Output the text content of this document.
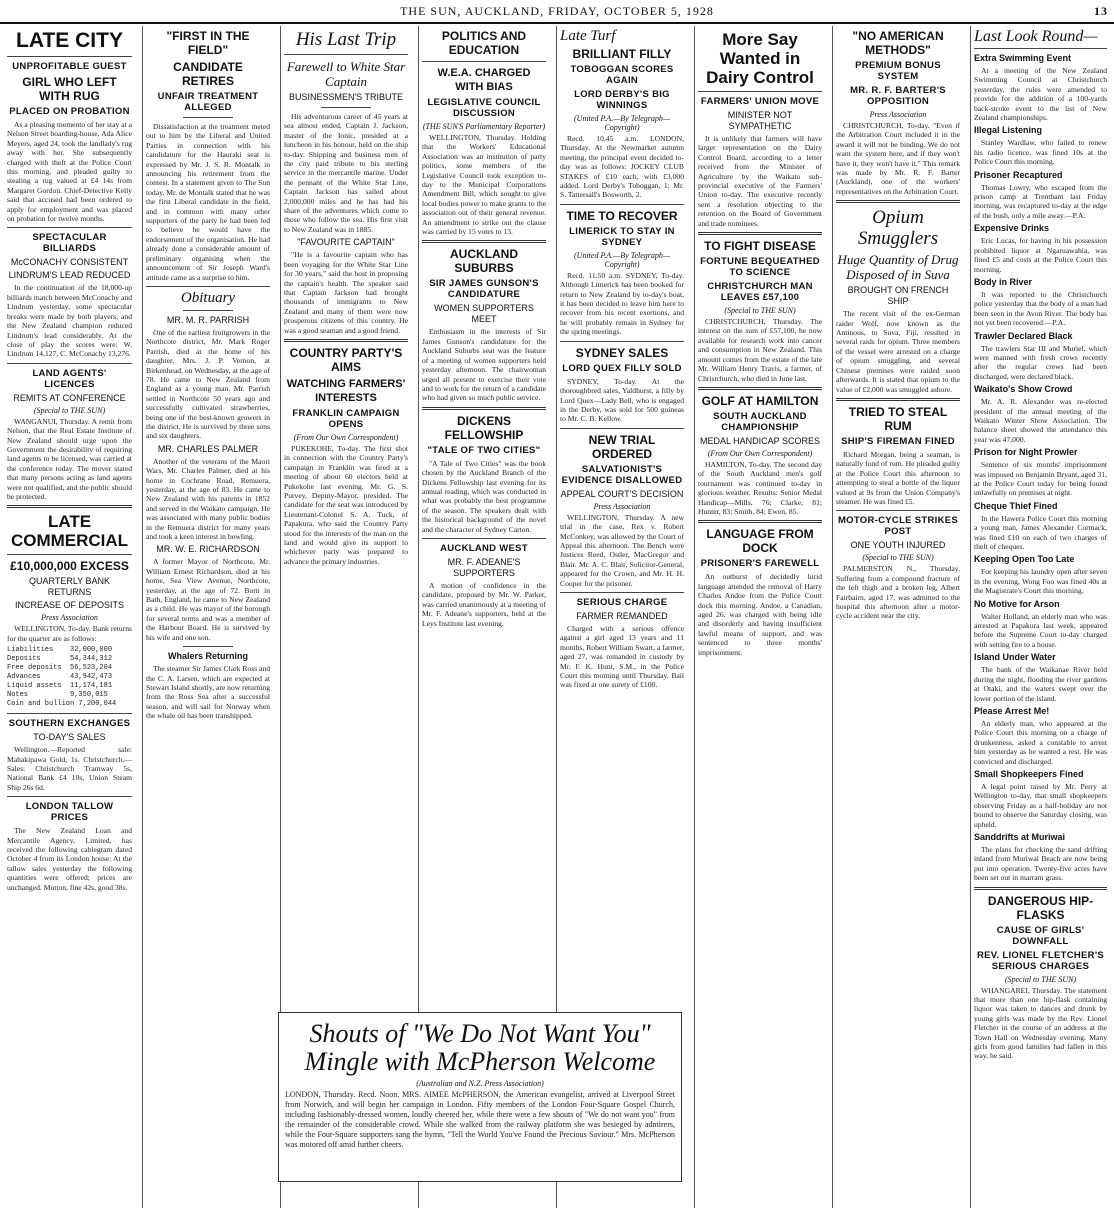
THE SUN, AUCKLAND, FRIDAY, OCTOBER 5, 1928	13
LATE CITY
UNPROFITABLE GUEST
GIRL WHO LEFT WITH RUG
PLACED ON PROBATION

As a pleasing memento of her stay at a Nelson Street boarding-house, Ada Alice Meyers, aged 24, took the landlady's rug away with her. She subsequently charged with theft at the Police Court this morning, and pleaded guilty to stealing a rug valued at £4 14s from Margaret Gordon. Chief-Detective Kelly said that accused had been ordered to apply for employment and was placed on probation for twelve months.

SPECTACULAR BILLIARDS
McCONACHY CONSISTENT
LINDRUM'S LEAD REDUCED

In the continuation of the 18,000-up billiards match between McConachy and Lindrum yesterday, some spectacular breaks were made by both players, and the New Zealand champion reduced Lindrum's lead considerably. At the close of play the scores were: W. Lindrum 14,127, C. McConachy 13,276.

LAND AGENTS' LICENCES
REMITS AT CONFERENCE
(Special to THE SUN)

WANGANUI, Thursday. A remit from Nelson, that the Real Estate Institute of New Zealand should urge upon the Government the desirability of requiring land agents to be licensed, was carried at the conference today. The mover stated that many persons acting as land agents were not qualified, and the public should be protected.

LATE COMMERCIAL
£10,000,000 EXCESS
QUARTERLY BANK RETURNS
INCREASE OF DEPOSITS
Press Association

WELLINGTON, To-day. Bank returns for the quarter are as follows:

Liabilities    32,000,000
Deposits       54,344,312
Free deposits  56,523,204
Advances       43,942,473
Liquid assets  11,174,181
Notes          9,350,015
Coin and bullion 7,200,044
SOUTHERN EXCHANGES
TO-DAY'S SALES

Wellington.—Reported sale: Mahakipawa Gold, 1s. Christchurch.—Sales: Christchurch Tramway 5s, National Bank £4 10s, Union Steam Ship 26s 6d.

LONDON TALLOW PRICES

The New Zealand Loan and Mercantile Agency, Limited, has received the following cablegram dated October 4 from its London house: At the tallow sales yesterday the following quantities were offered; prices are unchanged. Mutton, fine 42s, good 38s.

"FIRST IN THE FIELD"
CANDIDATE RETIRES
UNFAIR TREATMENT ALLEGED

Dissatisfaction at the treatment meted out to him by the Liberal and United Parties in connection with his candidature for the Hauraki seat is expressed by Mr. J. S. R. Montalk in announcing his retirement from the contest. In a statement given to The Sun today, Mr. de Montalk stated that he was the first Liberal candidate in the field, and in common with many other supporters of the party he had been led to believe he would have the endorsement of the organisation. He had already done a considerable amount of preliminary organising when the announcement of Sir Joseph Ward's attitude came as a surprise to him.

Obituary
MR. M. R. PARRISH

One of the earliest fruitgrowers in the Northcote district, Mr. Mark Roger Parrish, died at the home of his daughter, Mrs. J. P. Vernon, at Birkenhead, on Wednesday, at the age of 78. He came to New Zealand from England as a young man. Mr. Parrish settled in Northcote 50 years ago and successfully cultivated strawberries, being one of the best-known growers in the district. He is survived by three sons and six daughters.

MR. CHARLES PALMER

Another of the veterans of the Maori Wars, Mr. Charles Palmer, died at his home in Cochrane Road, Remuera, yesterday, at the age of 83. He came to New Zealand with his parents in 1852 and served in the Waikato campaign. He was associated with many public bodies in the Remuera district for many years and took a keen interest in bowling.

MR. W. E. RICHARDSON

A former Mayor of Northcote, Mr. William Ernest Richardson, died at his home, Sea View Avenue, Northcote, yesterday, at the age of 72. Born in Bath, England, he came to New Zealand as a child. He was mayor of the borough for several terms and was a member of the Harbour Board. He is survived by his wife and one son.

Whalers Returning

The steamer Sir James Clark Ross and the C. A. Larsen, which are expected at Stewart Island shortly, are now returning from the Ross Sea after a successful season, and will sail for Norway when the whale oil has been transhipped.

His Last Trip
Farewell to White Star Captain
BUSINESSMEN'S TRIBUTE

His adventurous career of 45 years at sea almost ended, Captain J. Jackson, master of the Ionic, presided at a luncheon in his honour, held on the ship to-day. Shipping and business men of the city paid tribute to his sterling service in the mercantile marine. Under the pennant of the White Star Line, Captain Jackson has sailed about 2,000,000 miles and he has had his share of the adventures which come to those who follow the sea. His first visit to New Zealand was in 1885.

"FAVOURITE CAPTAIN"

"He is a favourite captain who has been voyaging for the White Star Line for 30 years," said the host in proposing the captain's health. The speaker said that Captain Jackson had brought thousands of immigrants to New Zealand and many of them were now prosperous citizens of this country. He was a good seaman and a good friend.

COUNTRY PARTY'S AIMS
WATCHING FARMERS' INTERESTS
FRANKLIN CAMPAIGN OPENS
(From Our Own Correspondent)

PUKEKOHE, To-day. The first shot in connection with the Country Party's campaign in Franklin was fired at a meeting of about 60 electors held at Pukekohe last evening. Mr. G. S. Purvey, Deputy-Mayor, presided. The candidate for the seat was introduced by Lieutenant-Colonel S. A. Tuck, of Papakura, who said the Country Party stood for the interests of the man on the land and would give its support to whichever party was prepared to advance the primary industries.

POLITICS AND EDUCATION
W.E.A. CHARGED WITH BIAS
LEGISLATIVE COUNCIL DISCUSSION
(THE SUN'S Parliamentary Reporter)

WELLINGTON, Thursday. Holding that the Workers' Educational Association was an institution of party politics, some members of the Legislative Council took exception to-day to the Municipal Corporations Amendment Bill, which sought to give local bodies power to make grants to the association out of their general revenue. An amendment to strike out the clause was carried by 15 votes to 13.

AUCKLAND SUBURBS
SIR JAMES GUNSON'S CANDIDATURE
WOMEN SUPPORTERS MEET

Enthusiasm in the interests of Sir James Gunson's candidature for the Auckland Suburbs seat was the feature of a meeting of women supporters held yesterday afternoon. The chairwoman urged all present to exercise their vote and to work for the return of a candidate who had given so much public service.

DICKENS FELLOWSHIP
"TALE OF TWO CITIES"

"A Tale of Two Cities" was the book chosen by the Auckland Branch of the Dickens Fellowship last evening for its annual reading, which was conducted in what was probably the best programme of the season. The speakers dealt with the historical background of the novel and the character of Sydney Carton.

AUCKLAND WEST
MR. F. ADEANE'S SUPPORTERS

A motion of confidence in the candidate, proposed by Mr. W. Parker, was carried unanimously at a meeting of Mr. F. Adeane's supporters, held at the Leys Institute last evening.

Late Turf
BRILLIANT FILLY
TOBOGGAN SCORES AGAIN
LORD DERBY'S BIG WINNINGS
(United P.A.—By Telegraph—Copyright)

Recd. 10.45 a.m. LONDON, Thursday. At the Newmarket autumn meeting, the principal event decided to-day was as follows: JOCKEY CLUB STAKES of £10 each, with £3,000 added. Lord Derby's Toboggan, 1; Mr. S. Tattersall's Bosworth, 2.

TIME TO RECOVER
LIMERICK TO STAY IN SYDNEY
(United P.A.—By Telegraph—Copyright)

Recd. 11.50 a.m. SYDNEY, To-day. Although Limerick has been booked for return to New Zealand by to-day's boat, it has been decided to leave him here to recover from his recent exertions, and he will probably remain in Sydney for the spring meetings.

SYDNEY SALES
LORD QUEX FILLY SOLD

SYDNEY, To-day. At the thoroughbred sales, Yaldhurst, a filly by Lord Quex—Lady Bell, who is engaged in the Derby, was sold for 500 guineas to Mr. C. B. Kellow.

NEW TRIAL ORDERED
SALVATIONIST'S EVIDENCE DISALLOWED
APPEAL COURT'S DECISION
Press Association

WELLINGTON, Thursday. A new trial in the case, Rex v. Robert McConkey, was allowed by the Court of Appeal this afternoon. The Bench were Justices Reed, Ostler, MacGregor and Blair. Mr. A. C. Blair, Solicitor-General, appeared for the Crown, and Mr. H. H. Cooper for the prisoner.

SERIOUS CHARGE
FARMER REMANDED

Charged with a serious offence against a girl aged 13 years and 11 months, Robert William Swart, a farmer, aged 27, was remanded in custody by Mr. F. K. Hunt, S.M., in the Police Court this morning until Thursday. Bail was fixed at one surety of £100.

More Say Wanted in Dairy Control
FARMERS' UNION MOVE
MINISTER NOT SYMPATHETIC

It is unlikely that farmers will have larger representation on the Dairy Control Board, according to a letter received from the Minister of Agriculture by the Waikato sub-provincial executive of the Farmers' Union to-day. The executive recently sent a resolution objecting to the retention on the Board of Government and trade nominees.

TO FIGHT DISEASE
FORTUNE BEQUEATHED TO SCIENCE
CHRISTCHURCH MAN LEAVES £57,100
(Special to THE SUN)

CHRISTCHURCH, Thursday. The interest on the sum of £57,100, he now available for research work into cancer and consumption in New Zealand. This amount comes from the estate of the late Mr. William Henry Travis, a farmer, of Christchurch, who died in June last.

GOLF AT HAMILTON
SOUTH AUCKLAND CHAMPIONSHIP
MEDAL HANDICAP SCORES
(From Our Own Correspondent)

HAMILTON, To-day. The second day of the South Auckland men's golf tournament was continued to-day in glorious weather. Results: Senior Medal Handicap—Mills, 76; Clarke, 81; Hunter, 83; Smith, 84; Ewen, 85.

LANGUAGE FROM DOCK
PRISONER'S FAREWELL

An outburst of decidedly lurid language attended the removal of Harry Charles Andoe from the Police Court dock this morning. Andoe, a Canadian, aged 26, was charged with being idle and disorderly and having insufficient lawful means of support, and was sentenced to three months' imprisonment.

"NO AMERICAN METHODS"
PREMIUM BONUS SYSTEM
MR. R. F. BARTER'S OPPOSITION
Press Association

CHRISTCHURCH, To-day. "Even if the Arbitration Court included it in the award it will not be binding. We do not want the system here, and if they won't have it, they won't have it." This remark was made by Mr. R. F. Barter (Auckland), one of the workers' representatives on the Arbitration Court.

Opium Smugglers
Huge Quantity of Drug Disposed of in Suva
BROUGHT ON FRENCH SHIP

The recent visit of the ex-German raider Wolf, now known as the Antinous, to Suva, Fiji, resulted in several raids for opium. Three members of the vessel were arrested on a charge of opium smuggling, and several Chinese premises were raided soon afterwards. It is stated that opium to the value of £2,000 was smuggled ashore.

TRIED TO STEAL RUM
SHIP'S FIREMAN FINED

Richard Morgan, being a seaman, is naturally fond of rum. He pleaded guilty at the Police Court this afternoon to attempting to steal a bottle of the liquor valued at 9s from the Union Company's steamer. He was fined £5.

MOTOR-CYCLE STRIKES POST
ONE YOUTH INJURED
(Special to THE SUN)

PALMERSTON N., Thursday. Suffering from a compound fracture of the left thigh and a broken leg, Albert Fairbairn, aged 17, was admitted to the hospital this afternoon after a motor-cycle accident near the city.

Last Look Round—
Extra Swimming Event

At a meeting of the New Zealand Swimming Council at Christchurch yesterday, the rules were amended to provide for the addition of a 100-yards back-stroke event to the list of New Zealand championships.

Illegal Listening

Stanley Wardlaw, who failed to renew his radio licence, was fined 10s at the Police Court this morning.

Prisoner Recaptured

Thomas Lowry, who escaped from the prison camp at Trentham last Friday morning, was recaptured to-day at the edge of the bush, only a mile away.—P.A.

Expensive Drinks

Eric Lucas, for having in his possession prohibited liquor at Ngaruawahia, was fined £5 and costs at the Police Court this morning.

Body in River

It was reported to the Christchurch police yesterday that the body of a man had been seen in the Avon River. The body has not yet been recovered.—P.A.

Trawler Declared Black

The trawlers Star III and Muriel, which were manned with fresh crews recently after the regular crews had been discharged, were declared black.

Waikato's Show Crowd

Mr. A. R. Alexander was re-elected president of the annual meeting of the Waikato Winter Show Association. The balance sheet showed the attendance this year was 47,000.

Prison for Night Prowler

Sentence of six months' imprisonment was imposed on Benjamin Bryant, aged 31, at the Police Court today for being found unlawfully on premises at night.

Cheque Thief Fined

In the Hawera Police Court this morning a young man, James Alexander Cormack, was fined £10 on each of two charges of theft of cheques.

Keeping Open Too Late

For keeping his laundry open after seven in the evening, Wong Foo was fined 40s at the Magistrate's Court this morning.

No Motive for Arson

Walter Holland, an elderly man who was arrested at Papakura last week, appeared before the Supreme Court to-day charged with setting fire to a house.

Island Under Water

The bank of the Waikanae River held during the night, flooding the river gardens at Otaki, and the waters swept over the lower portion of the island.

Please Arrest Me!

An elderly man, who appeared at the Police Court this morning on a charge of drunkenness, asked a constable to arrest him yesterday as he wanted a rest. He was convicted and discharged.

Small Shopkeepers Fined

A legal point raised by Mr. Perry at Wellington to-day, that small shopkeepers observing Friday as a half-holiday are not bound to observe the Saturday closing, was upheld.

Sanddrifts at Muriwai

The plans for checking the sand drifting inland from Muriwai Beach are now being put into operation. Twenty-five acres have been set out in marram grass.

DANGEROUS HIP-FLASKS
CAUSE OF GIRLS' DOWNFALL
REV. LIONEL FLETCHER'S SERIOUS CHARGES
(Special to THE SUN)

WHANGAREI, Thursday. The statement that more than one hip-flask containing liquor was taken to dances and drunk by young girls was made by the Rev. Lionel Fletcher in the course of an address at the Town Hall on Wednesday evening. Many girls from good families had fallen in this way, he said.

Shouts of "We Do Not Want You" Mingle with McPherson Welcome
(Australian and N.Z. Press Association)

LONDON, Thursday. Recd. Noon. MRS. AIMEE McPHERSON, the American evangelist, arrived at Liverpool Street from Norwich, and will begin her campaign in London. Fifty members of the London Four-Square Gospel Church, including fashionably-dressed women, loudly cheered her, while there were a few shouts of "We do not want you" from the remainder of the considerable crowd. While she walked from the railway platform she was besieged by admirers, while the Four-Square supporters sang the hymn, "Tell the World You've Found the Precious Saviour." Mrs. McPherson was motored off amid further cheers.
